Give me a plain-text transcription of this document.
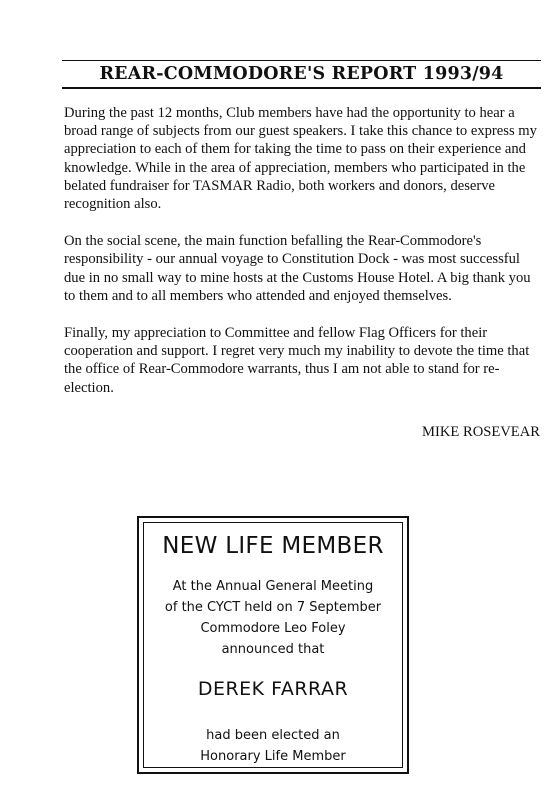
REAR-COMMODORE'S REPORT 1993/94

During the past 12 months, Club members have had the opportunity to hear a broad range of subjects from our guest speakers. I take this chance to express my appreciation to each of them for taking the time to pass on their experience and knowledge. While in the area of appreciation, members who participated in the belated fundraiser for TASMAR Radio, both workers and donors, deserve recognition also.

On the social scene, the main function befalling the Rear-Commodore's responsibility - our annual voyage to Constitution Dock - was most successful due in no small way to mine hosts at the Customs House Hotel. A big thank you to them and to all members who attended and enjoyed themselves.

Finally, my appreciation to Committee and fellow Flag Officers for their cooperation and support. I regret very much my inability to devote the time that the office of Rear-Commodore warrants, thus I am not able to stand for re-election.

MIKE ROSEVEAR
NEW LIFE MEMBER
At the Annual General Meeting
of the CYCT held on 7 September
Commodore Leo Foley
announced that
DEREK FARRAR
had been elected an
Honorary Life Member
